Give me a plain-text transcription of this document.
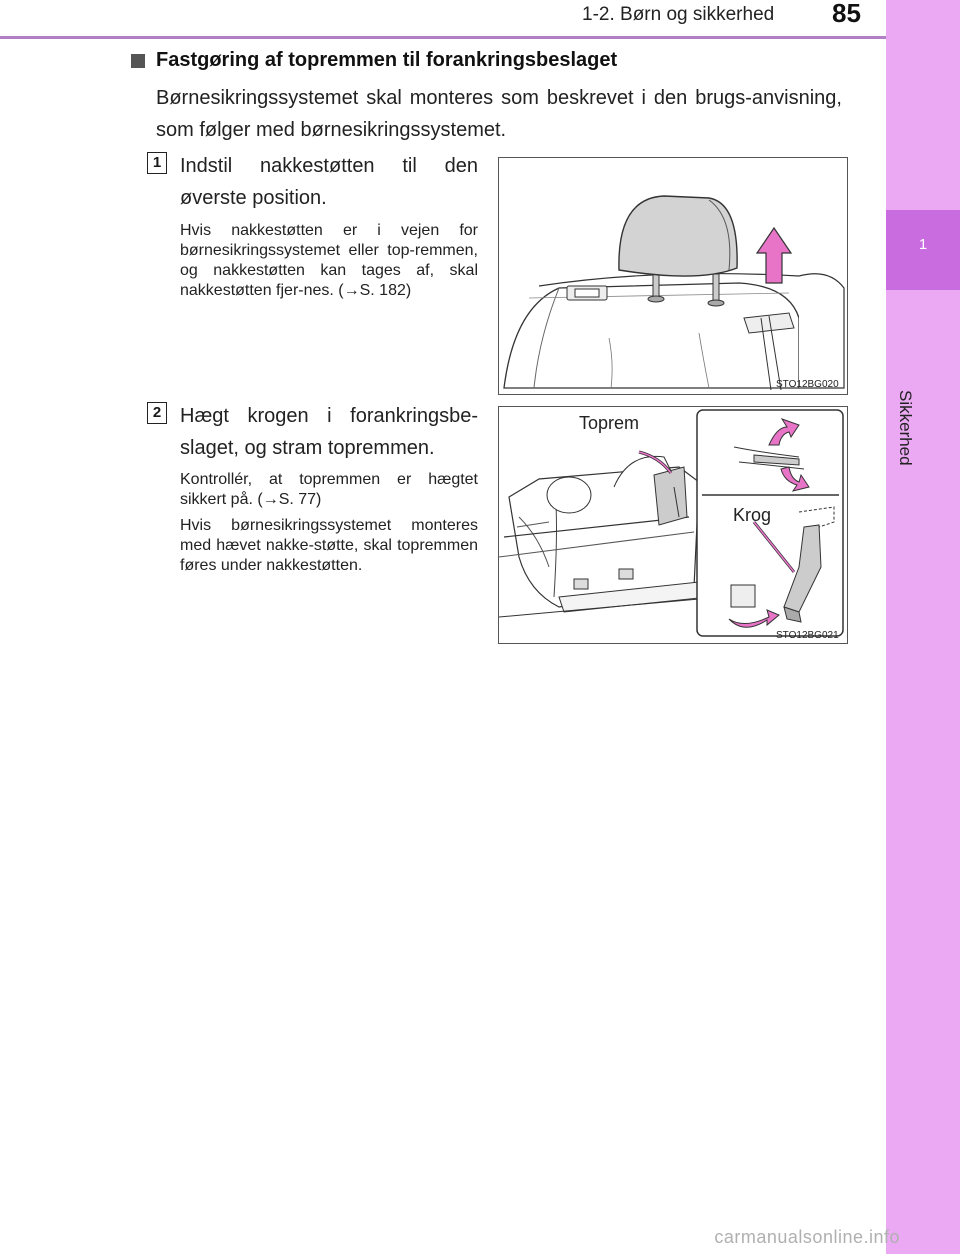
1-2. Børn og sikkerhed 85
1
Sikkerhed
Fastgøring af topremmen til forankringsbeslaget
Børnesikringssystemet skal monteres som beskrevet i den brugs-anvisning, som følger med børnesikringssystemet.
1 Indstil nakkestøtten til den øverste position.
Hvis nakkestøtten er i vejen for børnesikringssystemet eller top-remmen, og nakkestøtten kan tages af, skal nakkestøtten fjer-nes. (→S. 182)
STO12BG020
2 Hægt krogen i forankringsbe-slaget, og stram topremmen.
Kontrollér, at topremmen er hægtet sikkert på. (→S. 77)
Hvis børnesikringssystemet monteres med hævet nakke-støtte, skal topremmen føres under nakkestøtten.
Toprem
Krog
STO12BG021
carmanualsonline.info
